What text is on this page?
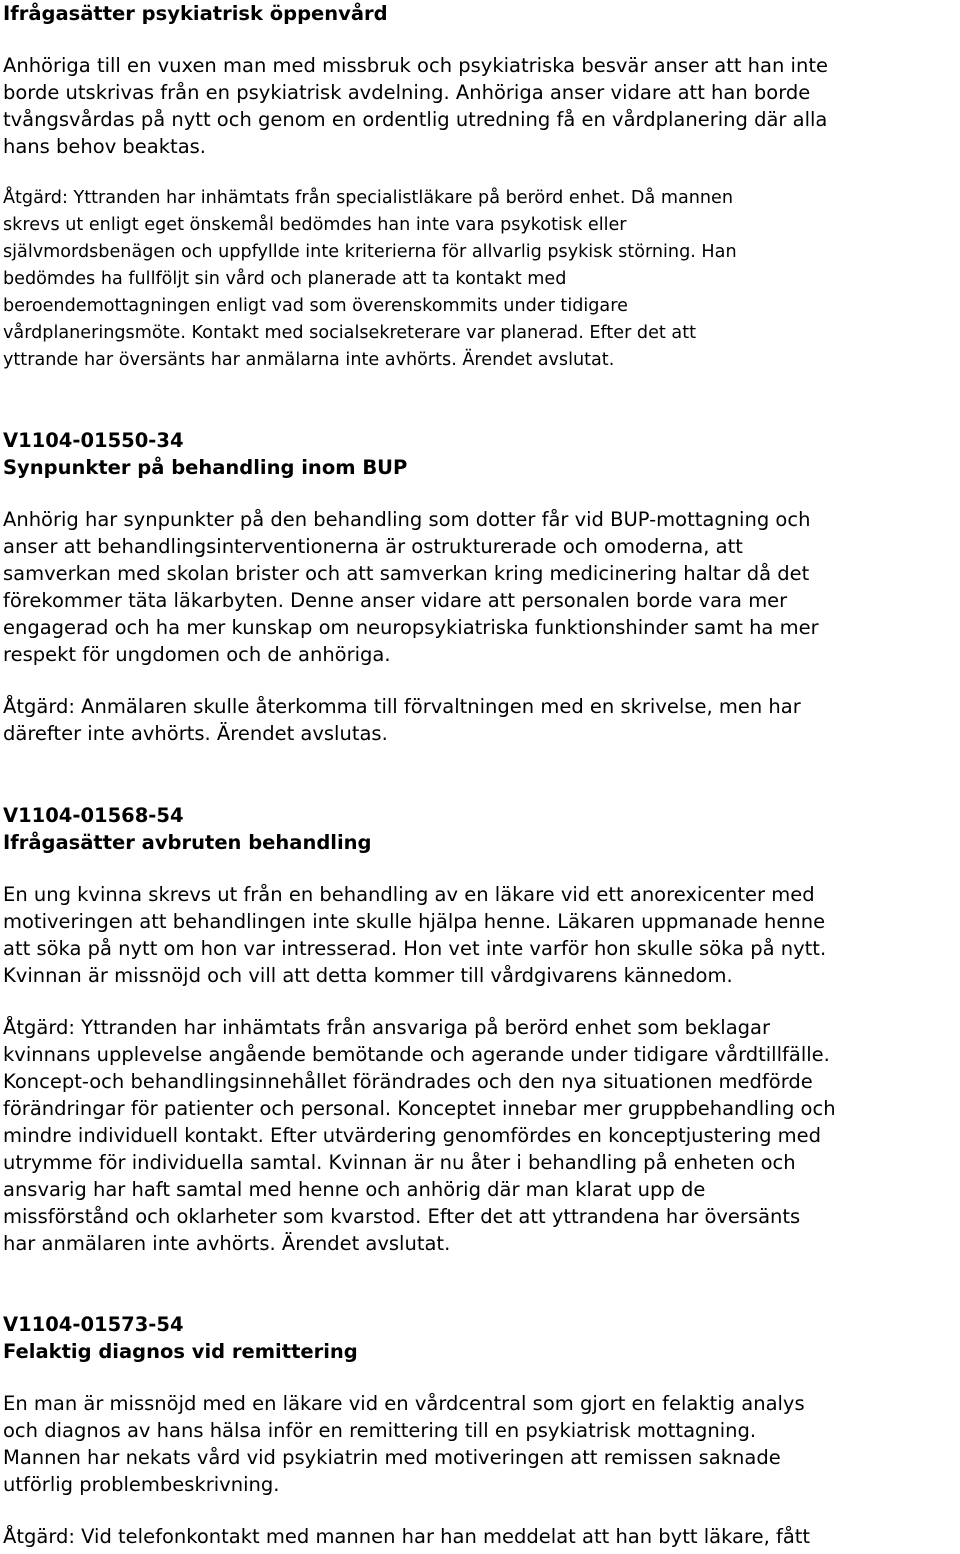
Ifrågasätter psykiatrisk öppenvård
Anhöriga till en vuxen man med missbruk och psykiatriska besvär anser att han inte
borde utskrivas från en psykiatrisk avdelning. Anhöriga anser vidare att han borde
tvångsvårdas på nytt och genom en ordentlig utredning få en vårdplanering där alla
hans behov beaktas.
Åtgärd: Yttranden har inhämtats från specialistläkare på berörd enhet. Då mannen
skrevs ut enligt eget önskemål bedömdes han inte vara psykotisk eller
självmordsbenägen och uppfyllde inte kriterierna för allvarlig psykisk störning. Han
bedömdes ha fullföljt sin vård och planerade att ta kontakt med
beroendemottagningen enligt vad som överenskommits under tidigare
vårdplaneringsmöte. Kontakt med socialsekreterare var planerad. Efter det att
yttrande har översänts har anmälarna inte avhörts. Ärendet avslutat.
V1104-01550-34
Synpunkter på behandling inom BUP
Anhörig har synpunkter på den behandling som dotter får vid BUP-mottagning och
anser att behandlingsinterventionerna är ostrukturerade och omoderna, att
samverkan med skolan brister och att samverkan kring medicinering haltar då det
förekommer täta läkarbyten. Denne anser vidare att personalen borde vara mer
engagerad och ha mer kunskap om neuropsykiatriska funktionshinder samt ha mer
respekt för ungdomen och de anhöriga.
Åtgärd: Anmälaren skulle återkomma till förvaltningen med en skrivelse, men har
därefter inte avhörts. Ärendet avslutas.
V1104-01568-54
Ifrågasätter avbruten behandling
En ung kvinna skrevs ut från en behandling av en läkare vid ett anorexicenter med
motiveringen att behandlingen inte skulle hjälpa henne. Läkaren uppmanade henne
att söka på nytt om hon var intresserad. Hon vet inte varför hon skulle söka på nytt.
Kvinnan är missnöjd och vill att detta kommer till vårdgivarens kännedom.
Åtgärd: Yttranden har inhämtats från ansvariga på berörd enhet som beklagar
kvinnans upplevelse angående bemötande och agerande under tidigare vårdtillfälle.
Koncept-och behandlingsinnehållet förändrades och den nya situationen medförde
förändringar för patienter och personal. Konceptet innebar mer gruppbehandling och
mindre individuell kontakt. Efter utvärdering genomfördes en konceptjustering med
utrymme för individuella samtal. Kvinnan är nu åter i behandling på enheten och
ansvarig har haft samtal med henne och anhörig där man klarat upp de
missförstånd och oklarheter som kvarstod. Efter det att yttrandena har översänts
har anmälaren inte avhörts. Ärendet avslutat.
V1104-01573-54
Felaktig diagnos vid remittering
En man är missnöjd med en läkare vid en vårdcentral som gjort en felaktig analys
och diagnos av hans hälsa inför en remittering till en psykiatrisk mottagning.
Mannen har nekats vård vid psykiatrin med motiveringen att remissen saknade
utförlig problembeskrivning.
Åtgärd: Vid telefonkontakt med mannen har han meddelat att han bytt läkare, fått
